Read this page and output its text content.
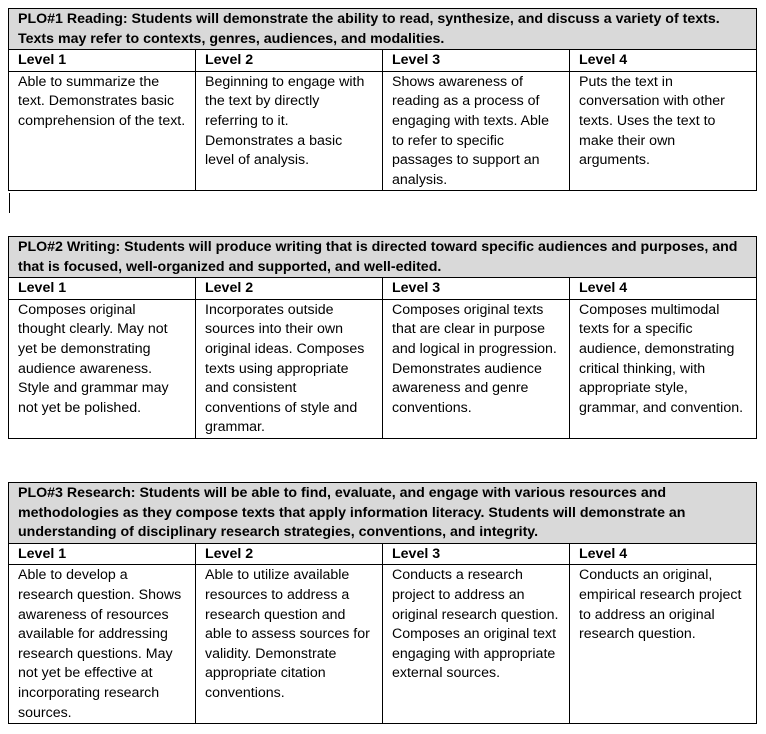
PLO#1 Reading: Students will demonstrate the ability to read, synthesize, and discuss a variety of texts. Texts may refer to contexts, genres, audiences, and modalities.			
Level 1	Level 2	Level 3	Level 4
Able to summarize the text. Demonstrates basic comprehension of the text.	Beginning to engage with the text by directly referring to it. Demonstrates a basic level of analysis.	Shows awareness of reading as a process of engaging with texts. Able to refer to specific passages to support an analysis.	Puts the text in conversation with other texts. Uses the text to make their own arguments.
PLO#2 Writing: Students will produce writing that is directed toward specific audiences and purposes, and that is focused, well-organized and supported, and well-edited.			
Level 1	Level 2	Level 3	Level 4
Composes original thought clearly. May not yet be demonstrating audience awareness. Style and grammar may not yet be polished.	Incorporates outside sources into their own original ideas. Composes texts using appropriate and consistent conventions of style and grammar.	Composes original texts that are clear in purpose and logical in progression. Demonstrates audience awareness and genre conventions.	Composes multimodal texts for a specific audience, demonstrating critical thinking, with appropriate style, grammar, and convention.
PLO#3 Research: Students will be able to find, evaluate, and engage with various resources and methodologies as they compose texts that apply information literacy. Students will demonstrate an understanding of disciplinary research strategies, conventions, and integrity.			
Level 1	Level 2	Level 3	Level 4
Able to develop a research question. Shows awareness of resources available for addressing research questions. May not yet be effective at incorporating research sources.	Able to utilize available resources to address a research question and able to assess sources for validity. Demonstrate appropriate citation conventions.	Conducts a research project to address an original research question. Composes an original text engaging with appropriate external sources.	Conducts an original, empirical research project to address an original research question.
